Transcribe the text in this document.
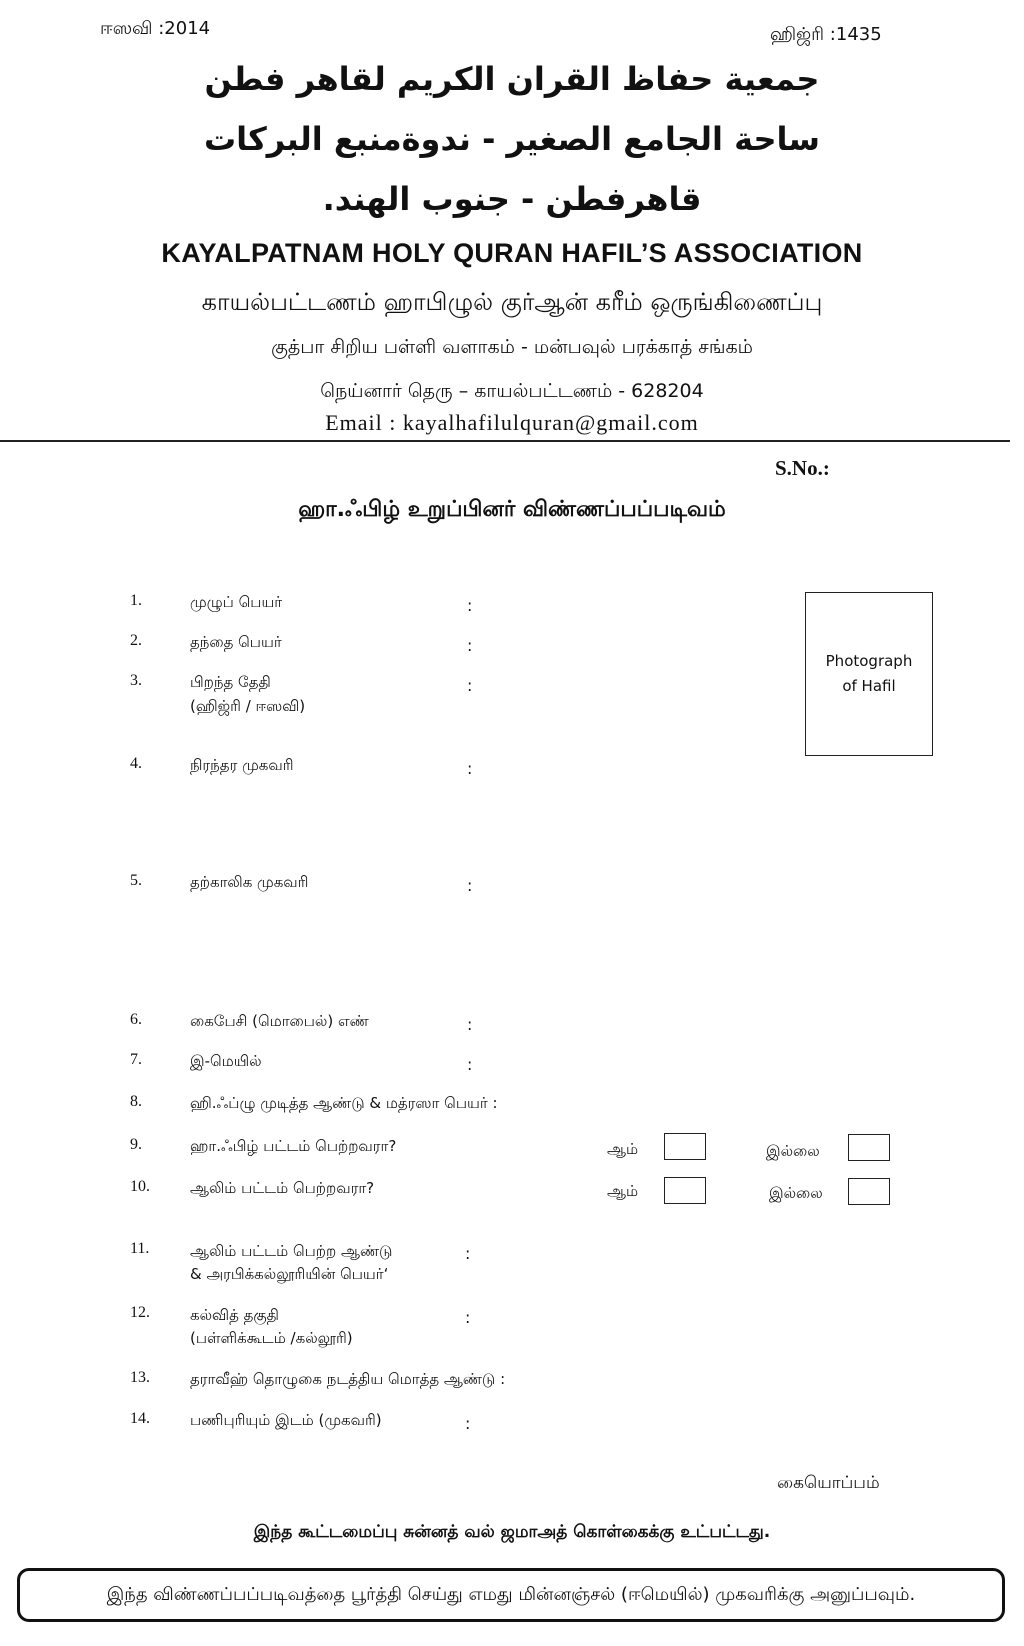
ஈஸவி :2014	ஹிஜ்ரி :1435
جمعية حفاظ القران الكريم لقاهر فطن
ساحة الجامع الصغير - ندوةمنبع البركات
قاهرفطن - جنوب الهند.
KAYALPATNAM HOLY QURAN HAFIL’S ASSOCIATION
காயல்பட்டணம் ஹாபிழுல் குர்ஆன் கரீம் ஒருங்கிணைப்பு
குத்பா சிறிய பள்ளி வளாகம் - மன்பவுல் பரக்காத் சங்கம்
நெய்னார் தெரு – காயல்பட்டணம் - 628204
Email : kayalhafilulquran@gmail.com
S.No.:
ஹா.ஃபிழ் உறுப்பினர் விண்ணப்பப்படிவம்
1.	முழுப் பெயர்	:
2.	தந்தை பெயர்	:
3.	பிறந்த தேதி
(ஹிஜ்ரி / ஈஸவி)
:
Photograph
of Hafil
4.	நிரந்தர முகவரி	:
5.	தற்காலிக முகவரி	:
6.	கைபேசி (மொபைல்) எண்	:
7.	இ-மெயில்	:
8.	ஹி.ஃப்ழு முடித்த ஆண்டு & மத்ரஸா பெயர் :
9.	ஹா.ஃபிழ் பட்டம் பெற்றவரா?	ஆம்	இல்லை
10.	ஆலிம் பட்டம் பெற்றவரா?	ஆம்	இல்லை
11.	ஆலிம் பட்டம் பெற்ற ஆண்டு
& அரபிக்கல்லூரியின் பெயர்‘
:
12.	கல்வித் தகுதி
(பள்ளிக்கூடம் /கல்லூரி)
:
13.	தராவீஹ் தொழுகை நடத்திய மொத்த ஆண்டு :
14.	பணிபுரியும் இடம் (முகவரி)	:
கையொப்பம்
இந்த கூட்டமைப்பு சுன்னத் வல் ஜமாஅத் கொள்கைக்கு உட்பட்டது.
இந்த விண்ணப்பப்படிவத்தை பூர்த்தி செய்து எமது மின்னஞ்சல் (ஈமெயில்) முகவரிக்கு அனுப்பவும்.
